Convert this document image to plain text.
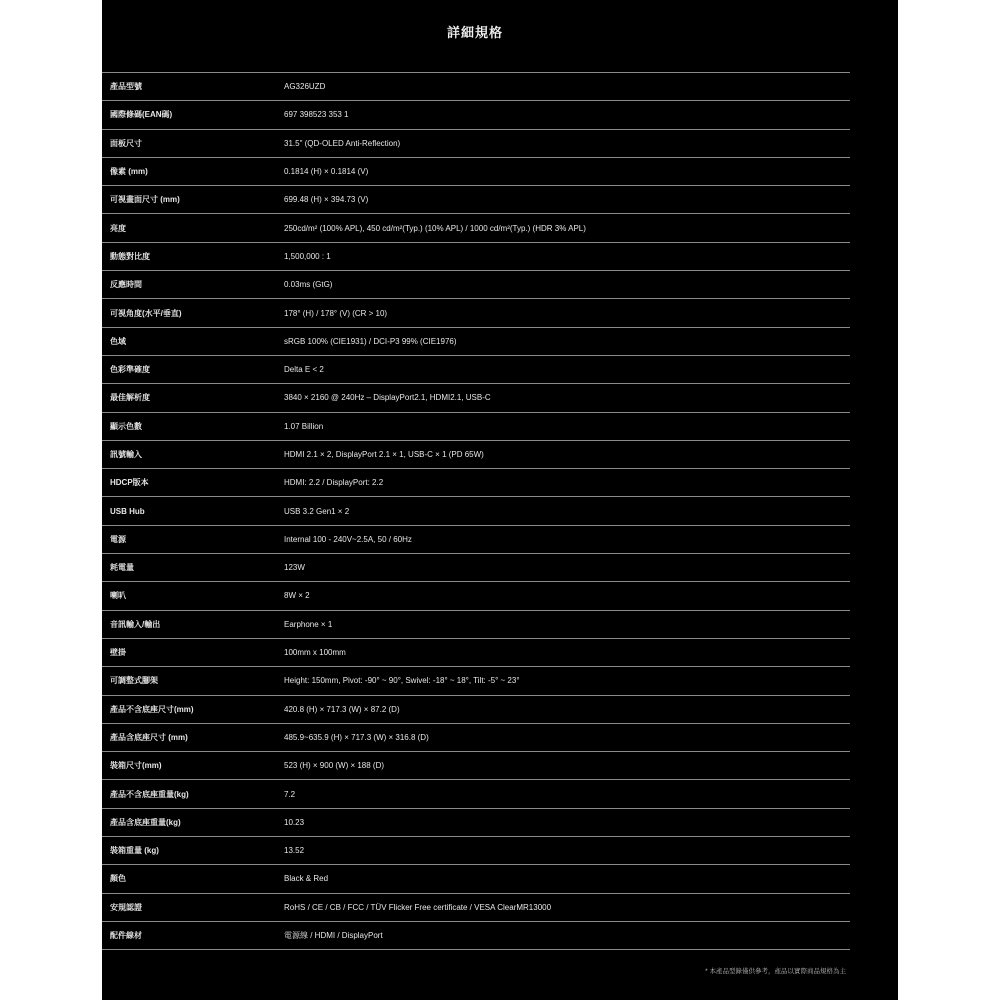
詳細規格
產品型號	AG326UZD
國際條碼(EAN碼)	697 398523 353 1
面板尺寸	31.5" (QD-OLED Anti-Reflection)
像素 (mm)	0.1814 (H) × 0.1814 (V)
可視畫面尺寸 (mm)	699.48 (H) × 394.73 (V)
亮度	250cd/m² (100% APL), 450 cd/m²(Typ.) (10% APL) / 1000 cd/m²(Typ.) (HDR 3% APL)
動態對比度	1,500,000 : 1
反應時間	0.03ms (GtG)
可視角度(水平/垂直)	178° (H) / 178° (V) (CR > 10)
色域	sRGB 100% (CIE1931) / DCI-P3 99% (CIE1976)
色彩準確度	Delta E < 2
最佳解析度	3840 × 2160 @ 240Hz – DisplayPort2.1, HDMI2.1, USB-C
顯示色數	1.07 Billion
訊號輸入	HDMI 2.1 × 2, DisplayPort 2.1 × 1, USB-C × 1 (PD 65W)
HDCP版本	HDMI: 2.2 / DisplayPort: 2.2
USB Hub	USB 3.2 Gen1 × 2
電源	Internal 100 - 240V~2.5A, 50 / 60Hz
耗電量	123W
喇叭	8W × 2
音訊輸入/輸出	Earphone × 1
壁掛	100mm x 100mm
可調整式腳架	Height: 150mm, Pivot: -90° ~ 90°, Swivel: -18° ~ 18°, Tilt: -5° ~ 23°
產品不含底座尺寸(mm)	420.8 (H) × 717.3 (W) × 87.2 (D)
產品含底座尺寸 (mm)	485.9~635.9 (H) × 717.3 (W) × 316.8 (D)
裝箱尺寸(mm)	523 (H) × 900 (W) × 188 (D)
產品不含底座重量(kg)	7.2
產品含底座重量(kg)	10.23
裝箱重量 (kg)	13.52
顏色	Black & Red
安規認證	RoHS / CE / CB / FCC / TÜV Flicker Free certificate / VESA ClearMR13000
配件線材	電源線 / HDMI / DisplayPort
* 本產品型錄僅供參考，產品以實際商品規格為主
